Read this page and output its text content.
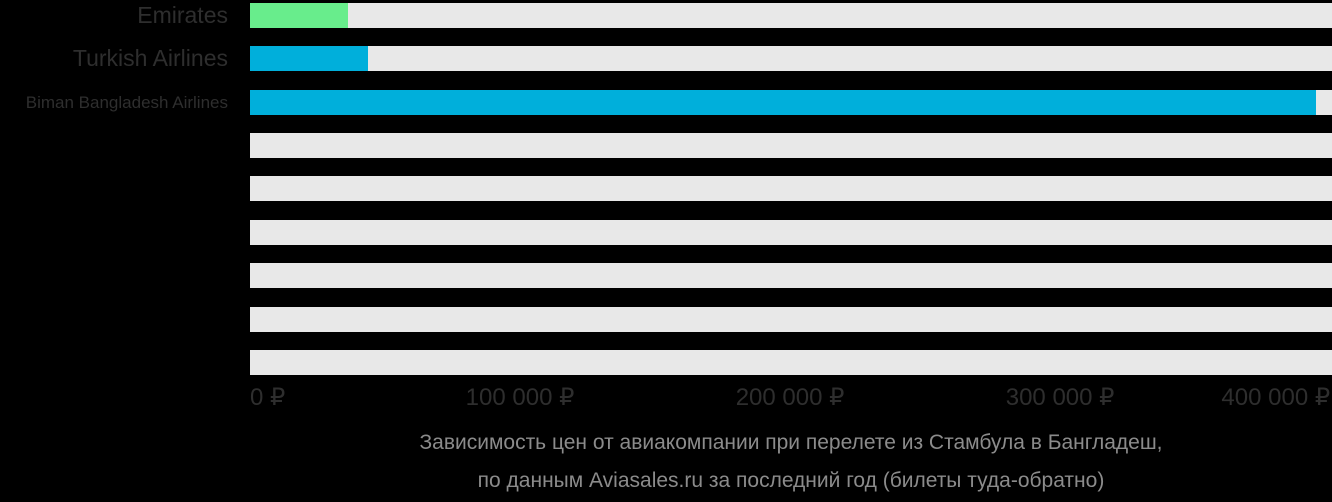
Emirates
Turkish Airlines
Biman Bangladesh Airlines
0 ₽	100 000 ₽	200 000 ₽	300 000 ₽	400 000 ₽
Зависимость цен от авиакомпании при перелете из Стамбула в Бангладеш,
по данным Aviasales.ru за последний год (билеты туда-обратно)
